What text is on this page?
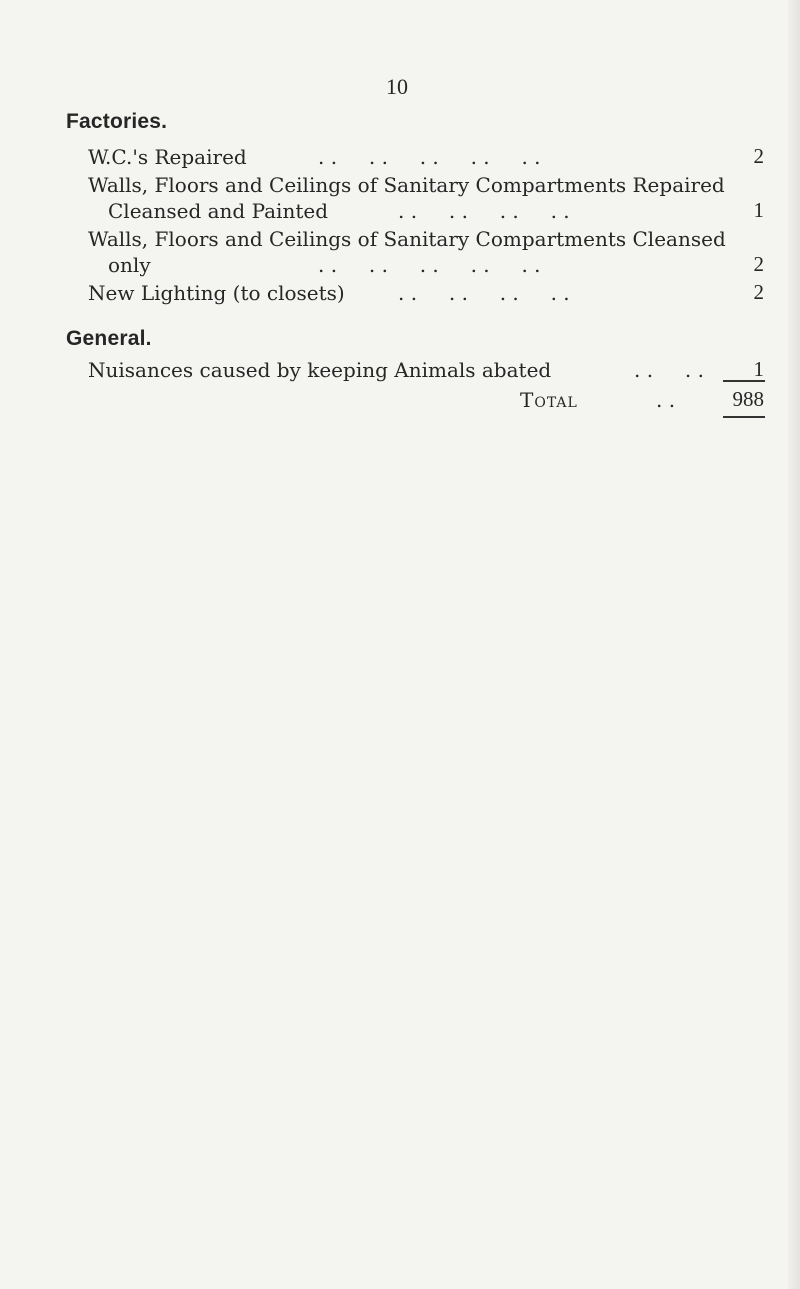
10
Factories.
W.C.'s Repaired	. .     . .     . .     . .     . .	2
Walls, Floors and Ceilings of Sanitary Compartments Repaired
Cleansed and Painted	. .     . .     . .     . .	1
Walls, Floors and Ceilings of Sanitary Compartments Cleansed
only	. .     . .     . .     . .     . .	2
New Lighting (to closets)	. .     . .     . .     . .	2
General.
Nuisances caused by keeping Animals abated	. .     . .	1
Total	. .	988
